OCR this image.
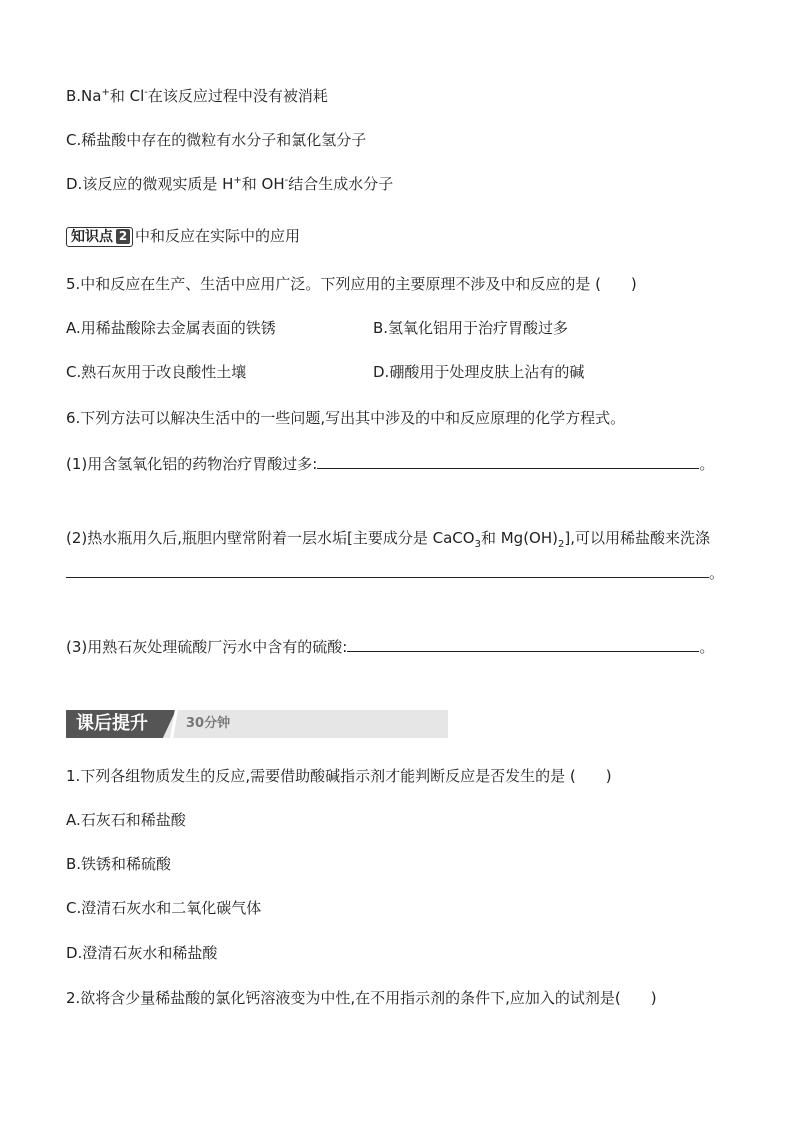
B.Na+和 Cl-在该反应过程中没有被消耗
C.稀盐酸中存在的微粒有水分子和氯化氢分子
D.该反应的微观实质是 H+和 OH-结合生成水分子
知识点 2 中和反应在实际中的应用
5.中和反应在生产、生活中应用广泛。下列应用的主要原理不涉及中和反应的是 (　　)
A.用稀盐酸除去金属表面的铁锈	B.氢氧化铝用于治疗胃酸过多
C.熟石灰用于改良酸性土壤	D.硼酸用于处理皮肤上沾有的碱
6.下列方法可以解决生活中的一些问题,写出其中涉及的中和反应原理的化学方程式。
(1)用含氢氧化铝的药物治疗胃酸过多:	。
(2)热水瓶用久后,瓶胆内壁常附着一层水垢[主要成分是 CaCO$_3$和 $Mg(OH)_2$],可以用稀盐酸来洗涤
。
(3)用熟石灰处理硫酸厂污水中含有的硫酸:	。
课后提升	30分钟
1.下列各组物质发生的反应,需要借助酸碱指示剂才能判断反应是否发生的是 (　　)
A.石灰石和稀盐酸
B.铁锈和稀硫酸
C.澄清石灰水和二氧化碳气体
D.澄清石灰水和稀盐酸
2.欲将含少量稀盐酸的氯化钙溶液变为中性,在不用指示剂的条件下,应加入的试剂是(　　)
